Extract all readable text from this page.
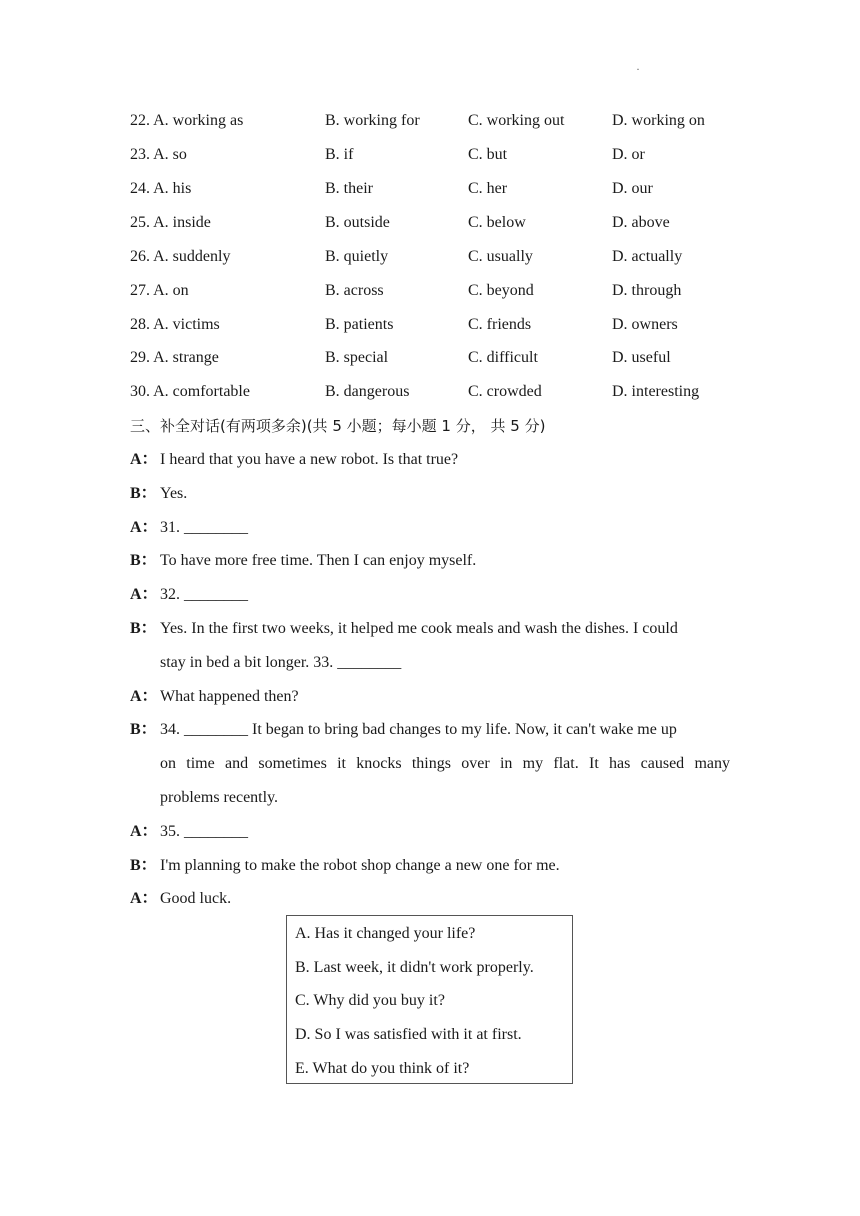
·
22. A. working as	B. working for	C. working out	D. working on
23. A. so	B. if	C. but	D. or
24. A. his	B. their	C. her	D. our
25. A. inside	B. outside	C. below	D. above
26. A. suddenly	B. quietly	C. usually	D. actually
27. A. on	B. across	C. beyond	D. through
28. A. victims	B. patients	C. friends	D. owners
29. A. strange	B. special	C. difficult	D. useful
30. A. comfortable	B. dangerous	C. crowded	D. interesting
三、补全对话(有两项多余)(共 5 小题；每小题 1 分， 共 5 分)
A： I heard that you have a new robot. Is that true?
B： Yes.
A： 31. ________
B： To have more free time. Then I can enjoy myself.
A： 32. ________
B： Yes. In the first two weeks, it helped me cook meals and wash the dishes. I could
stay in bed a bit longer. 33. ________
A： What happened then?
B： 34. ________ It began to bring bad changes to my life. Now, it can't wake me up
on time and sometimes it knocks things over in my flat. It has caused many
problems recently.
A： 35. ________
B： I'm planning to make the robot shop change a new one for me.
A： Good luck.
A. Has it changed your life?
B. Last week, it didn't work properly.
C. Why did you buy it?
D. So I was satisfied with it at first.
E. What do you think of it?
